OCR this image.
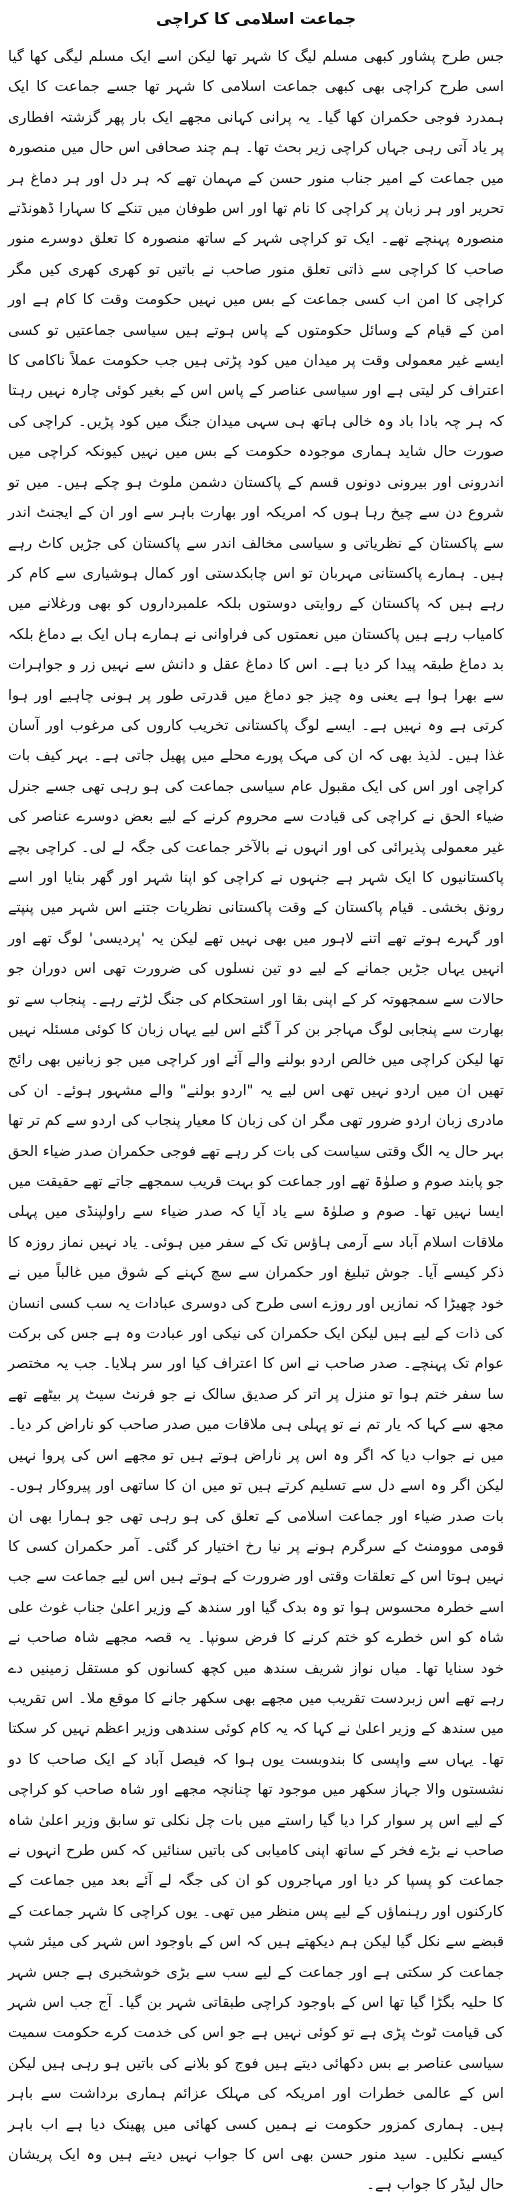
جماعت اسلامی کا کراچی

جس طرح پشاور کبھی مسلم لیگ کا شہر تھا لیکن اسے ایک مسلم لیگی کھا گیا اسی طرح کراچی بھی کبھی جماعت اسلامی کا شہر تھا جسے جماعت کا ایک ہمدرد فوجی حکمران کھا گیا۔ یہ پرانی کہانی مجھے ایک بار پھر گزشتہ افطاری پر یاد آتی رہی جہاں کراچی زیر بحث تھا۔ ہم چند صحافی اس حال میں منصورہ میں جماعت کے امیر جناب منور حسن کے مہمان تھے کہ ہر دل اور ہر دماغ ہر تحریر اور ہر زبان پر کراچی کا نام تھا اور اس طوفان میں تنکے کا سہارا ڈھونڈتے منصورہ پہنچے تھے۔ ایک تو کراچی شہر کے ساتھ منصورہ کا تعلق دوسرے منور صاحب کا کراچی سے ذاتی تعلق منور صاحب نے باتیں تو کھری کھری کیں مگر کراچی کا امن اب کسی جماعت کے بس میں نہیں حکومت وقت کا کام ہے اور امن کے قیام کے وسائل حکومتوں کے پاس ہوتے ہیں سیاسی جماعتیں تو کسی ایسے غیر معمولی وقت پر میدان میں کود پڑتی ہیں جب حکومت عملاً ناکامی کا اعتراف کر لیتی ہے اور سیاسی عناصر کے پاس اس کے بغیر کوئی چارہ نہیں رہتا کہ ہر چہ بادا باد وہ خالی ہاتھ ہی سہی میدان جنگ میں کود پڑیں۔ کراچی کی صورت حال شاید ہماری موجودہ حکومت کے بس میں نہیں کیونکہ کراچی میں اندرونی اور بیرونی دونوں قسم کے پاکستان دشمن ملوث ہو چکے ہیں۔ میں تو شروع دن سے چیخ رہا ہوں کہ امریکہ اور بھارت باہر سے اور ان کے ایجنٹ اندر سے پاکستان کے نظریاتی و سیاسی مخالف اندر سے پاکستان کی جڑیں کاٹ رہے ہیں۔ ہمارے پاکستانی مہربان تو اس چابکدستی اور کمال ہوشیاری سے کام کر رہے ہیں کہ پاکستان کے روایتی دوستوں بلکہ علمبرداروں کو بھی ورغلانے میں کامیاب رہے ہیں پاکستان میں نعمتوں کی فراوانی نے ہمارے ہاں ایک بے دماغ بلکہ بد دماغ طبقہ پیدا کر دیا ہے۔ اس کا دماغ عقل و دانش سے نہیں زر و جواہرات سے بھرا ہوا ہے یعنی وہ چیز جو دماغ میں قدرتی طور پر ہونی چاہیے اور ہوا کرتی ہے وہ نہیں ہے۔ ایسے لوگ پاکستانی تخریب کاروں کی مرغوب اور آسان غذا ہیں۔ لذیذ بھی کہ ان کی مہک پورے محلے میں پھیل جاتی ہے۔ بہر کیف بات کراچی اور اس کی ایک مقبول عام سیاسی جماعت کی ہو رہی تھی جسے جنرل ضیاء الحق نے کراچی کی قیادت سے محروم کرنے کے لیے بعض دوسرے عناصر کی غیر معمولی پذیرائی کی اور انہوں نے بالآخر جماعت کی جگہ لے لی۔ کراچی بچے پاکستانیوں کا ایک شہر ہے جنہوں نے کراچی کو اپنا شہر اور گھر بنایا اور اسے رونق بخشی۔ قیام پاکستان کے وقت پاکستانی نظریات جتنے اس شہر میں پنپتے اور گہرے ہوتے تھے اتنے لاہور میں بھی نہیں تھے لیکن یہ 'پردیسی' لوگ تھے اور انہیں یہاں جڑیں جمانے کے لیے دو تین نسلوں کی ضرورت تھی اس دوران جو حالات سے سمجھوتہ کر کے اپنی بقا اور استحکام کی جنگ لڑتے رہے۔ پنجاب سے تو بھارت سے پنجابی لوگ مہاجر بن کر آ گئے اس لیے یہاں زبان کا کوئی مسئلہ نہیں تھا لیکن کراچی میں خالص اردو بولنے والے آئے اور کراچی میں جو زبانیں بھی رائج تھیں ان میں اردو نہیں تھی اس لیے یہ "اردو بولنے" والے مشہور ہوئے۔ ان کی مادری زبان اردو ضرور تھی مگر ان کی زبان کا معیار پنجاب کی اردو سے کم تر تھا بہر حال یہ الگ وقتی سیاست کی بات کر رہے تھے فوجی حکمران صدر ضیاء الحق جو پابند صوم و صلوٰۃ تھے اور جماعت کو بہت قریب سمجھے جاتے تھے حقیقت میں ایسا نہیں تھا۔ صوم و صلوٰۃ سے یاد آیا کہ صدر ضیاء سے راولپنڈی میں پہلی ملاقات اسلام آباد سے آرمی ہاؤس تک کے سفر میں ہوئی۔ یاد نہیں نماز روزہ کا ذکر کیسے آیا۔ جوش تبلیغ اور حکمران سے سچ کہنے کے شوق میں غالباً میں نے خود چھیڑا کہ نمازیں اور روزے اسی طرح کی دوسری عبادات یہ سب کسی انسان کی ذات کے لیے ہیں لیکن ایک حکمران کی نیکی اور عبادت وہ ہے جس کی برکت عوام تک پہنچے۔ صدر صاحب نے اس کا اعتراف کیا اور سر ہلایا۔ جب یہ مختصر سا سفر ختم ہوا تو منزل پر اتر کر صدیق سالک نے جو فرنٹ سیٹ پر بیٹھے تھے مجھ سے کہا کہ یار تم نے تو پہلی ہی ملاقات میں صدر صاحب کو ناراض کر دیا۔ میں نے جواب دیا کہ اگر وہ اس پر ناراض ہوتے ہیں تو مجھے اس کی پروا نہیں لیکن اگر وہ اسے دل سے تسلیم کرتے ہیں تو میں ان کا ساتھی اور پیروکار ہوں۔ بات صدر ضیاء اور جماعت اسلامی کے تعلق کی ہو رہی تھی جو ہمارا بھی ان قومی موومنٹ کے سرگرم ہونے پر نیا رخ اختیار کر گئی۔ آمر حکمران کسی کا نہیں ہوتا اس کے تعلقات وقتی اور ضرورت کے ہوتے ہیں اس لیے جماعت سے جب اسے خطرہ محسوس ہوا تو وہ بدک گیا اور سندھ کے وزیر اعلیٰ جناب غوث علی شاہ کو اس خطرے کو ختم کرنے کا فرض سونپا۔ یہ قصہ مجھے شاہ صاحب نے خود سنایا تھا۔ میاں نواز شریف سندھ میں کچھ کسانوں کو مستقل زمینیں دے رہے تھے اس زبردست تقریب میں مجھے بھی سکھر جانے کا موقع ملا۔ اس تقریب میں سندھ کے وزیر اعلیٰ نے کہا کہ یہ کام کوئی سندھی وزیر اعظم نہیں کر سکتا تھا۔ یہاں سے واپسی کا بندوبست یوں ہوا کہ فیصل آباد کے ایک صاحب کا دو نشستوں والا جہاز سکھر میں موجود تھا چنانچہ مجھے اور شاہ صاحب کو کراچی کے لیے اس پر سوار کرا دیا گیا راستے میں بات چل نکلی تو سابق وزیر اعلیٰ شاہ صاحب نے بڑے فخر کے ساتھ اپنی کامیابی کی باتیں سنائیں کہ کس طرح انہوں نے جماعت کو پسپا کر دیا اور مہاجروں کو ان کی جگہ لے آئے بعد میں جماعت کے کارکنوں اور رہنماؤں کے لیے پس منظر میں تھی۔ یوں کراچی کا شہر جماعت کے قبضے سے نکل گیا لیکن ہم دیکھتے ہیں کہ اس کے باوجود اس شہر کی میئر شپ جماعت کر سکتی ہے اور جماعت کے لیے سب سے بڑی خوشخبری ہے جس شہر کا حلیہ بگڑا گیا تھا اس کے باوجود کراچی طبقاتی شہر بن گیا۔ آج جب اس شہر کی قیامت ٹوٹ پڑی ہے تو کوئی نہیں ہے جو اس کی خدمت کرے حکومت سمیت سیاسی عناصر بے بس دکھائی دیتے ہیں فوج کو بلانے کی باتیں ہو رہی ہیں لیکن اس کے عالمی خطرات اور امریکہ کی مہلک عزائم ہماری برداشت سے باہر ہیں۔ ہماری کمزور حکومت نے ہمیں کسی کھائی میں پھینک دیا ہے اب باہر کیسے نکلیں۔ سید منور حسن بھی اس کا جواب نہیں دیتے ہیں وہ ایک پریشان حال لیڈر کا جواب ہے۔
